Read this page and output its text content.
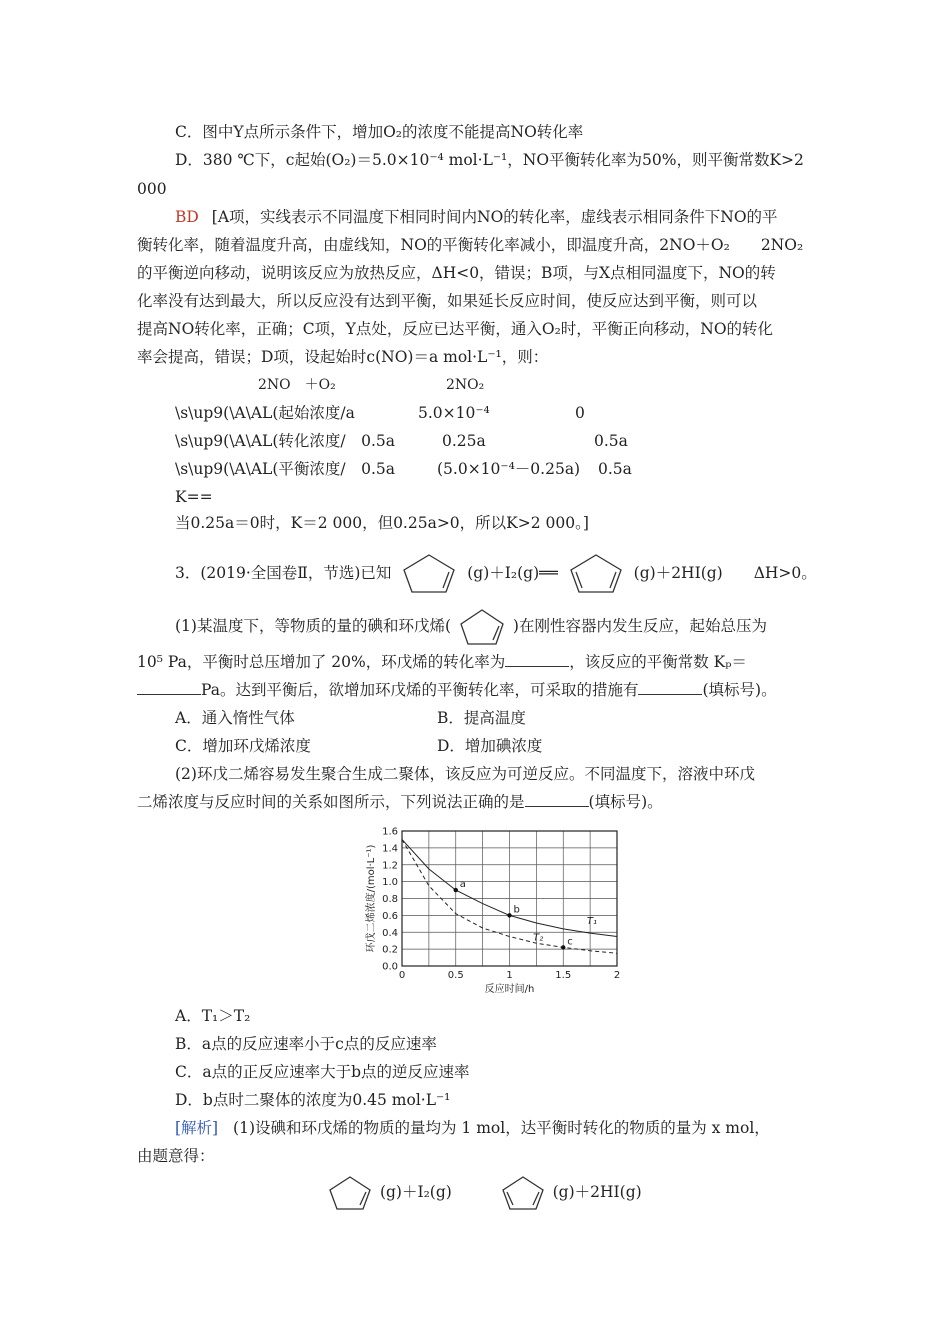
C．图中Y点所示条件下，增加O₂的浓度不能提高NO转化率
D．380 ℃下，c起始(O₂)＝5.0×10⁻⁴ mol·L⁻¹，NO平衡转化率为50%，则平衡常数K>2
000
BD [A项，实线表示不同温度下相同时间内NO的转化率，虚线表示相同条件下NO的平
衡转化率，随着温度升高，由虚线知，NO的平衡转化率减小，即温度升高，2NO＋O₂　　2NO₂
的平衡逆向移动，说明该反应为放热反应，ΔH<0，错误；B项，与X点相同温度下，NO的转
化率没有达到最大，所以反应没有达到平衡，如果延长反应时间，使反应达到平衡，则可以
提高NO转化率，正确；C项，Y点处，反应已达平衡，通入O₂时，平衡正向移动，NO的转化
率会提高，错误；D项，设起始时c(NO)＝a mol·L⁻¹，则：
2NO　＋O₂	2NO₂
\s\up9(\A\AL(起始浓度/a	5.0×10⁻⁴	0
\s\up9(\A\AL(转化浓度/　0.5a	0.25a	0.5a
\s\up9(\A\AL(平衡浓度/　0.5a	(5.0×10⁻⁴－0.25a) 0.5a
K==
当0.25a＝0时，K＝2 000，但0.25a>0，所以K>2 000。]
3．(2019·全国卷Ⅱ，节选)已知	(g)＋I₂(g)══	(g)＋2HI(g)　　ΔH>0。
(1)某温度下，等物质的量的碘和环戊烯(	)在刚性容器内发生反应，起始总压为
10⁵ Pa，平衡时总压增加了 20%，环戊烯的转化率为	，该反应的平衡常数 Kₚ＝
Pa。达到平衡后，欲增加环戊烯的平衡转化率，可采取的措施有	(填标号)。
A．通入惰性气体	B．提高温度
C．增加环戊烯浓度	D．增加碘浓度
(2)环戊二烯容易发生聚合生成二聚体，该反应为可逆反应。不同温度下，溶液中环戊
二烯浓度与反应时间的关系如图所示，下列说法正确的是	(填标号)。
0	0.5	1	1.5	2
0.0
0.2
0.4
0.6
0.8
1.0
1.2
1.4
1.6
T₁
T₂
a
b
c
反应时间/h
环戊二烯浓度/(mol·L⁻¹)
A．T₁＞T₂
B．a点的反应速率小于c点的反应速率
C．a点的正反应速率大于b点的逆反应速率
D．b点时二聚体的浓度为0.45 mol·L⁻¹
[解析] (1)设碘和环戊烯的物质的量均为 1 mol，达平衡时转化的物质的量为 x mol，
由题意得：
(g)＋I₂(g)	(g)＋2HI(g)
